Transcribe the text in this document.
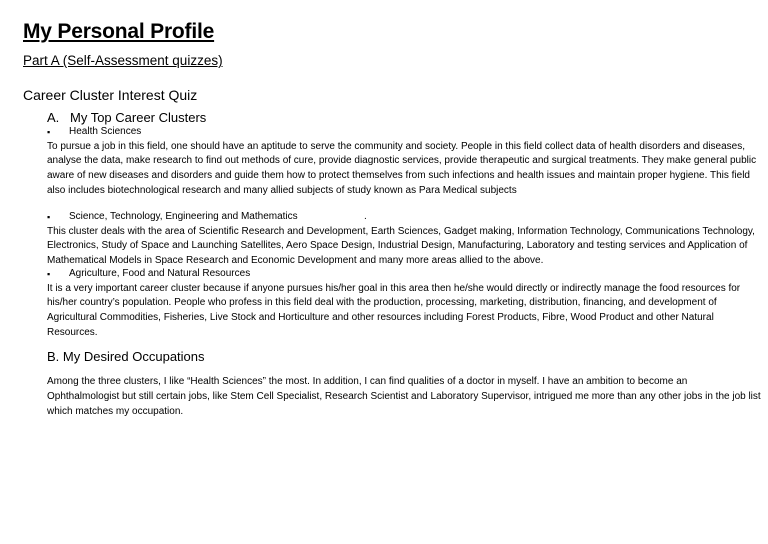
My Personal Profile
Part A (Self-Assessment quizzes)
Career Cluster Interest Quiz
A. My Top Career Clusters
▪ Health Sciences

To pursue a job in this field, one should have an aptitude to serve the community and society. People in this field collect data of health disorders and diseases, analyse the data, make research to find out methods of cure, provide diagnostic services, provide therapeutic and surgical treatments. They make general public aware of new diseases and disorders and guide them how to protect themselves from such infections and health issues and maintain proper hygiene. This field also includes biotechnological research and many allied subjects of study known as Para Medical subjects

▪ Science, Technology, Engineering and Mathematics	.

This cluster deals with the area of Scientific Research and Development, Earth Sciences, Gadget making, Information Technology, Communications Technology, Electronics, Study of Space and Launching Satellites, Aero Space Design, Industrial Design, Manufacturing, Laboratory and testing services and Application of Mathematical Models in Space Research and Economic Development and many more areas allied to the above.

▪ Agriculture, Food and Natural Resources

It is a very important career cluster because if anyone pursues his/her goal in this area then he/she would directly or indirectly manage the food resources for his/her country’s population. People who profess in this field deal with the production, processing, marketing, distribution, financing, and development of Agricultural Commodities, Fisheries, Live Stock and Horticulture and other resources including Forest Products, Fibre, Wood Product and other Natural Resources.

B. My Desired Occupations

Among the three clusters, I like “Health Sciences” the most. In addition, I can find qualities of a doctor in myself. I have an ambition to become an Ophthalmologist but still certain jobs, like Stem Cell Specialist, Research Scientist and Laboratory Supervisor, intrigued me more than any other jobs in the job list which matches my occupation.
